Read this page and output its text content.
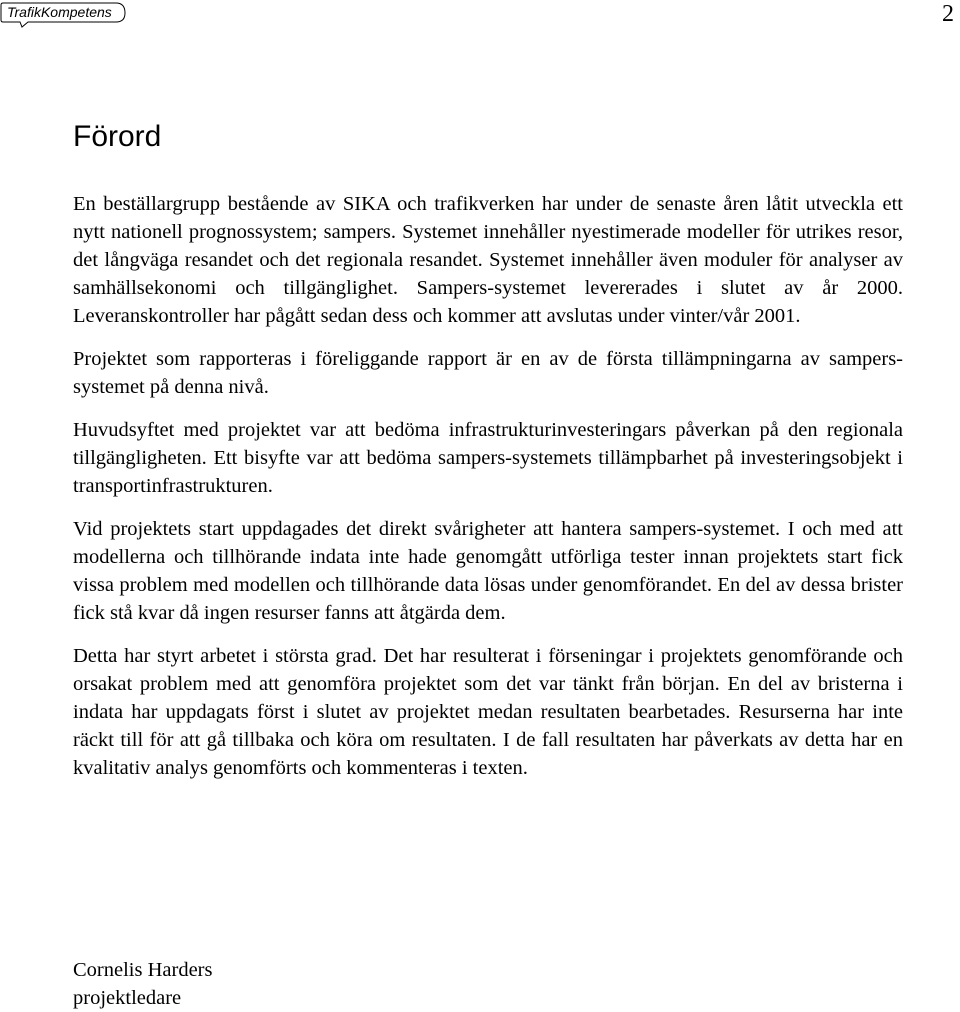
TrafikKompetens	2
Förord

En beställargrupp bestående av SIKA och trafikverken har under de senaste åren låtit utveckla ett nytt nationell prognossystem; sampers. Systemet innehåller nyestimerade modeller för utrikes resor, det långväga resandet och det regionala resandet. Systemet innehåller även moduler för analyser av samhällsekonomi och tillgänglighet. Sampers-systemet levererades i slutet av år 2000. Leveranskontroller har pågått sedan dess och kommer att avslutas under vinter/vår 2001.

Projektet som rapporteras i föreliggande rapport är en av de första tillämpningarna av sampers-systemet på denna nivå.

Huvudsyftet med projektet var att bedöma infrastrukturinvesteringars påverkan på den regionala tillgängligheten. Ett bisyfte var att bedöma sampers-systemets tillämpbarhet på investeringsobjekt i transportinfrastrukturen.

Vid projektets start uppdagades det direkt svårigheter att hantera sampers-systemet. I och med att modellerna och tillhörande indata inte hade genomgått utförliga tester innan projektets start fick vissa problem med modellen och tillhörande data lösas under genomförandet. En del av dessa brister fick stå kvar då ingen resurser fanns att åtgärda dem.

Detta har styrt arbetet i största grad. Det har resulterat i förseningar i projektets genomförande och orsakat problem med att genomföra projektet som det var tänkt från början. En del av bristerna i indata har uppdagats först i slutet av projektet medan resultaten bearbetades. Resurserna har inte räckt till för att gå tillbaka och köra om resultaten. I de fall resultaten har påverkats av detta har en kvalitativ analys genomförts och kommenteras i texten.

Cornelis Harders
projektledare
